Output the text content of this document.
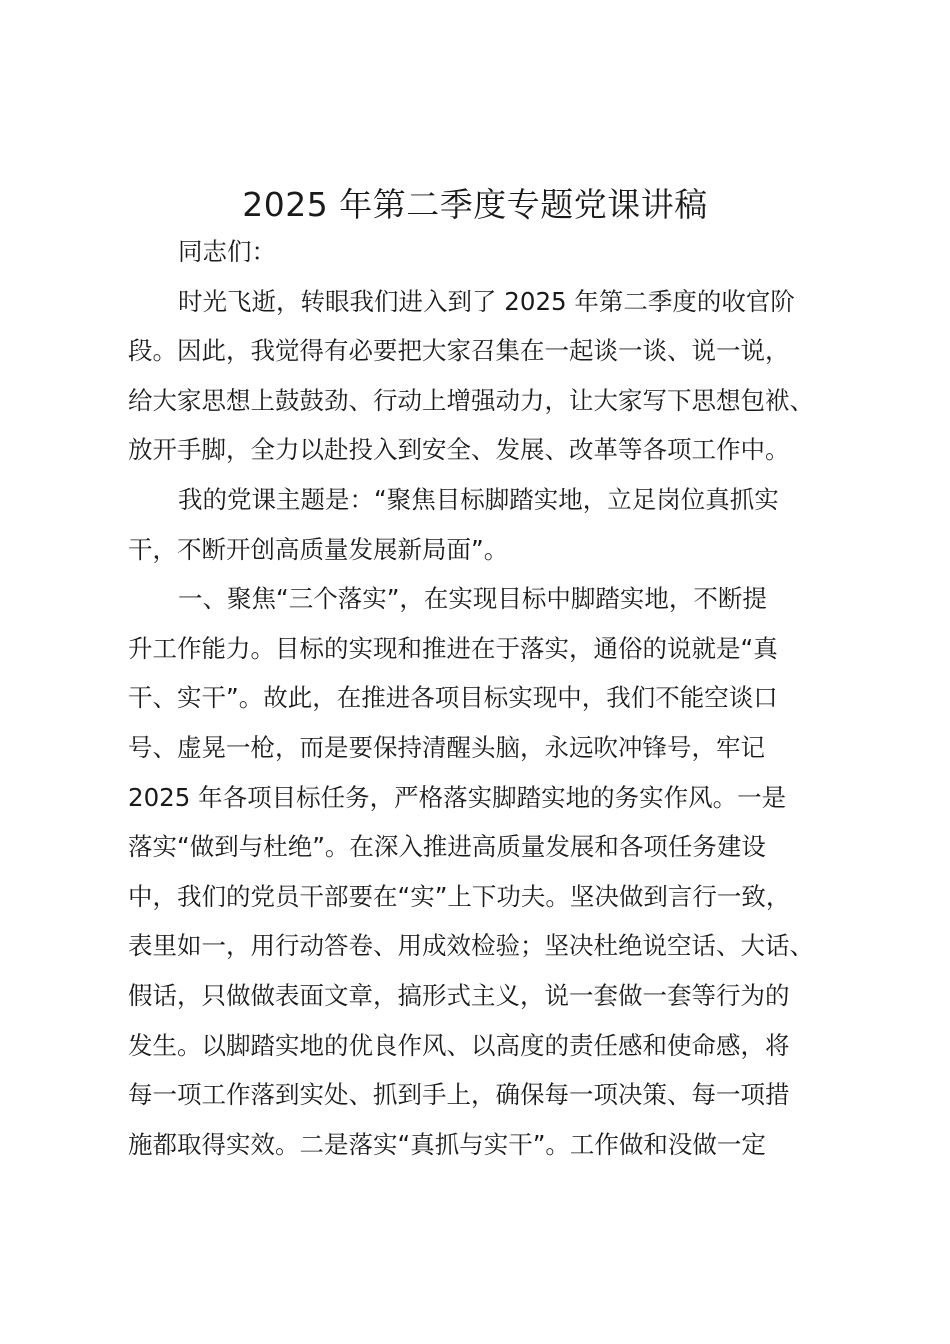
2025 年第二季度专题党课讲稿
同志们：
时光飞逝，转眼我们进入到了 2025 年第二季度的收官阶
段。因此，我觉得有必要把大家召集在一起谈一谈、说一说，
给大家思想上鼓鼓劲、行动上增强动力，让大家写下思想包袱、
放开手脚，全力以赴投入到安全、发展、改革等各项工作中。
我的党课主题是：“聚焦目标脚踏实地，立足岗位真抓实
干，不断开创高质量发展新局面”。
一、聚焦“三个落实”，在实现目标中脚踏实地，不断提
升工作能力。目标的实现和推进在于落实，通俗的说就是“真
干、实干”。故此，在推进各项目标实现中，我们不能空谈口
号、虚晃一枪，而是要保持清醒头脑，永远吹冲锋号，牢记
2025 年各项目标任务，严格落实脚踏实地的务实作风。一是
落实“做到与杜绝”。在深入推进高质量发展和各项任务建设
中，我们的党员干部要在“实”上下功夫。坚决做到言行一致，
表里如一，用行动答卷、用成效检验；坚决杜绝说空话、大话、
假话，只做做表面文章，搞形式主义，说一套做一套等行为的
发生。以脚踏实地的优良作风、以高度的责任感和使命感，将
每一项工作落到实处、抓到手上，确保每一项决策、每一项措
施都取得实效。二是落实“真抓与实干”。工作做和没做一定
